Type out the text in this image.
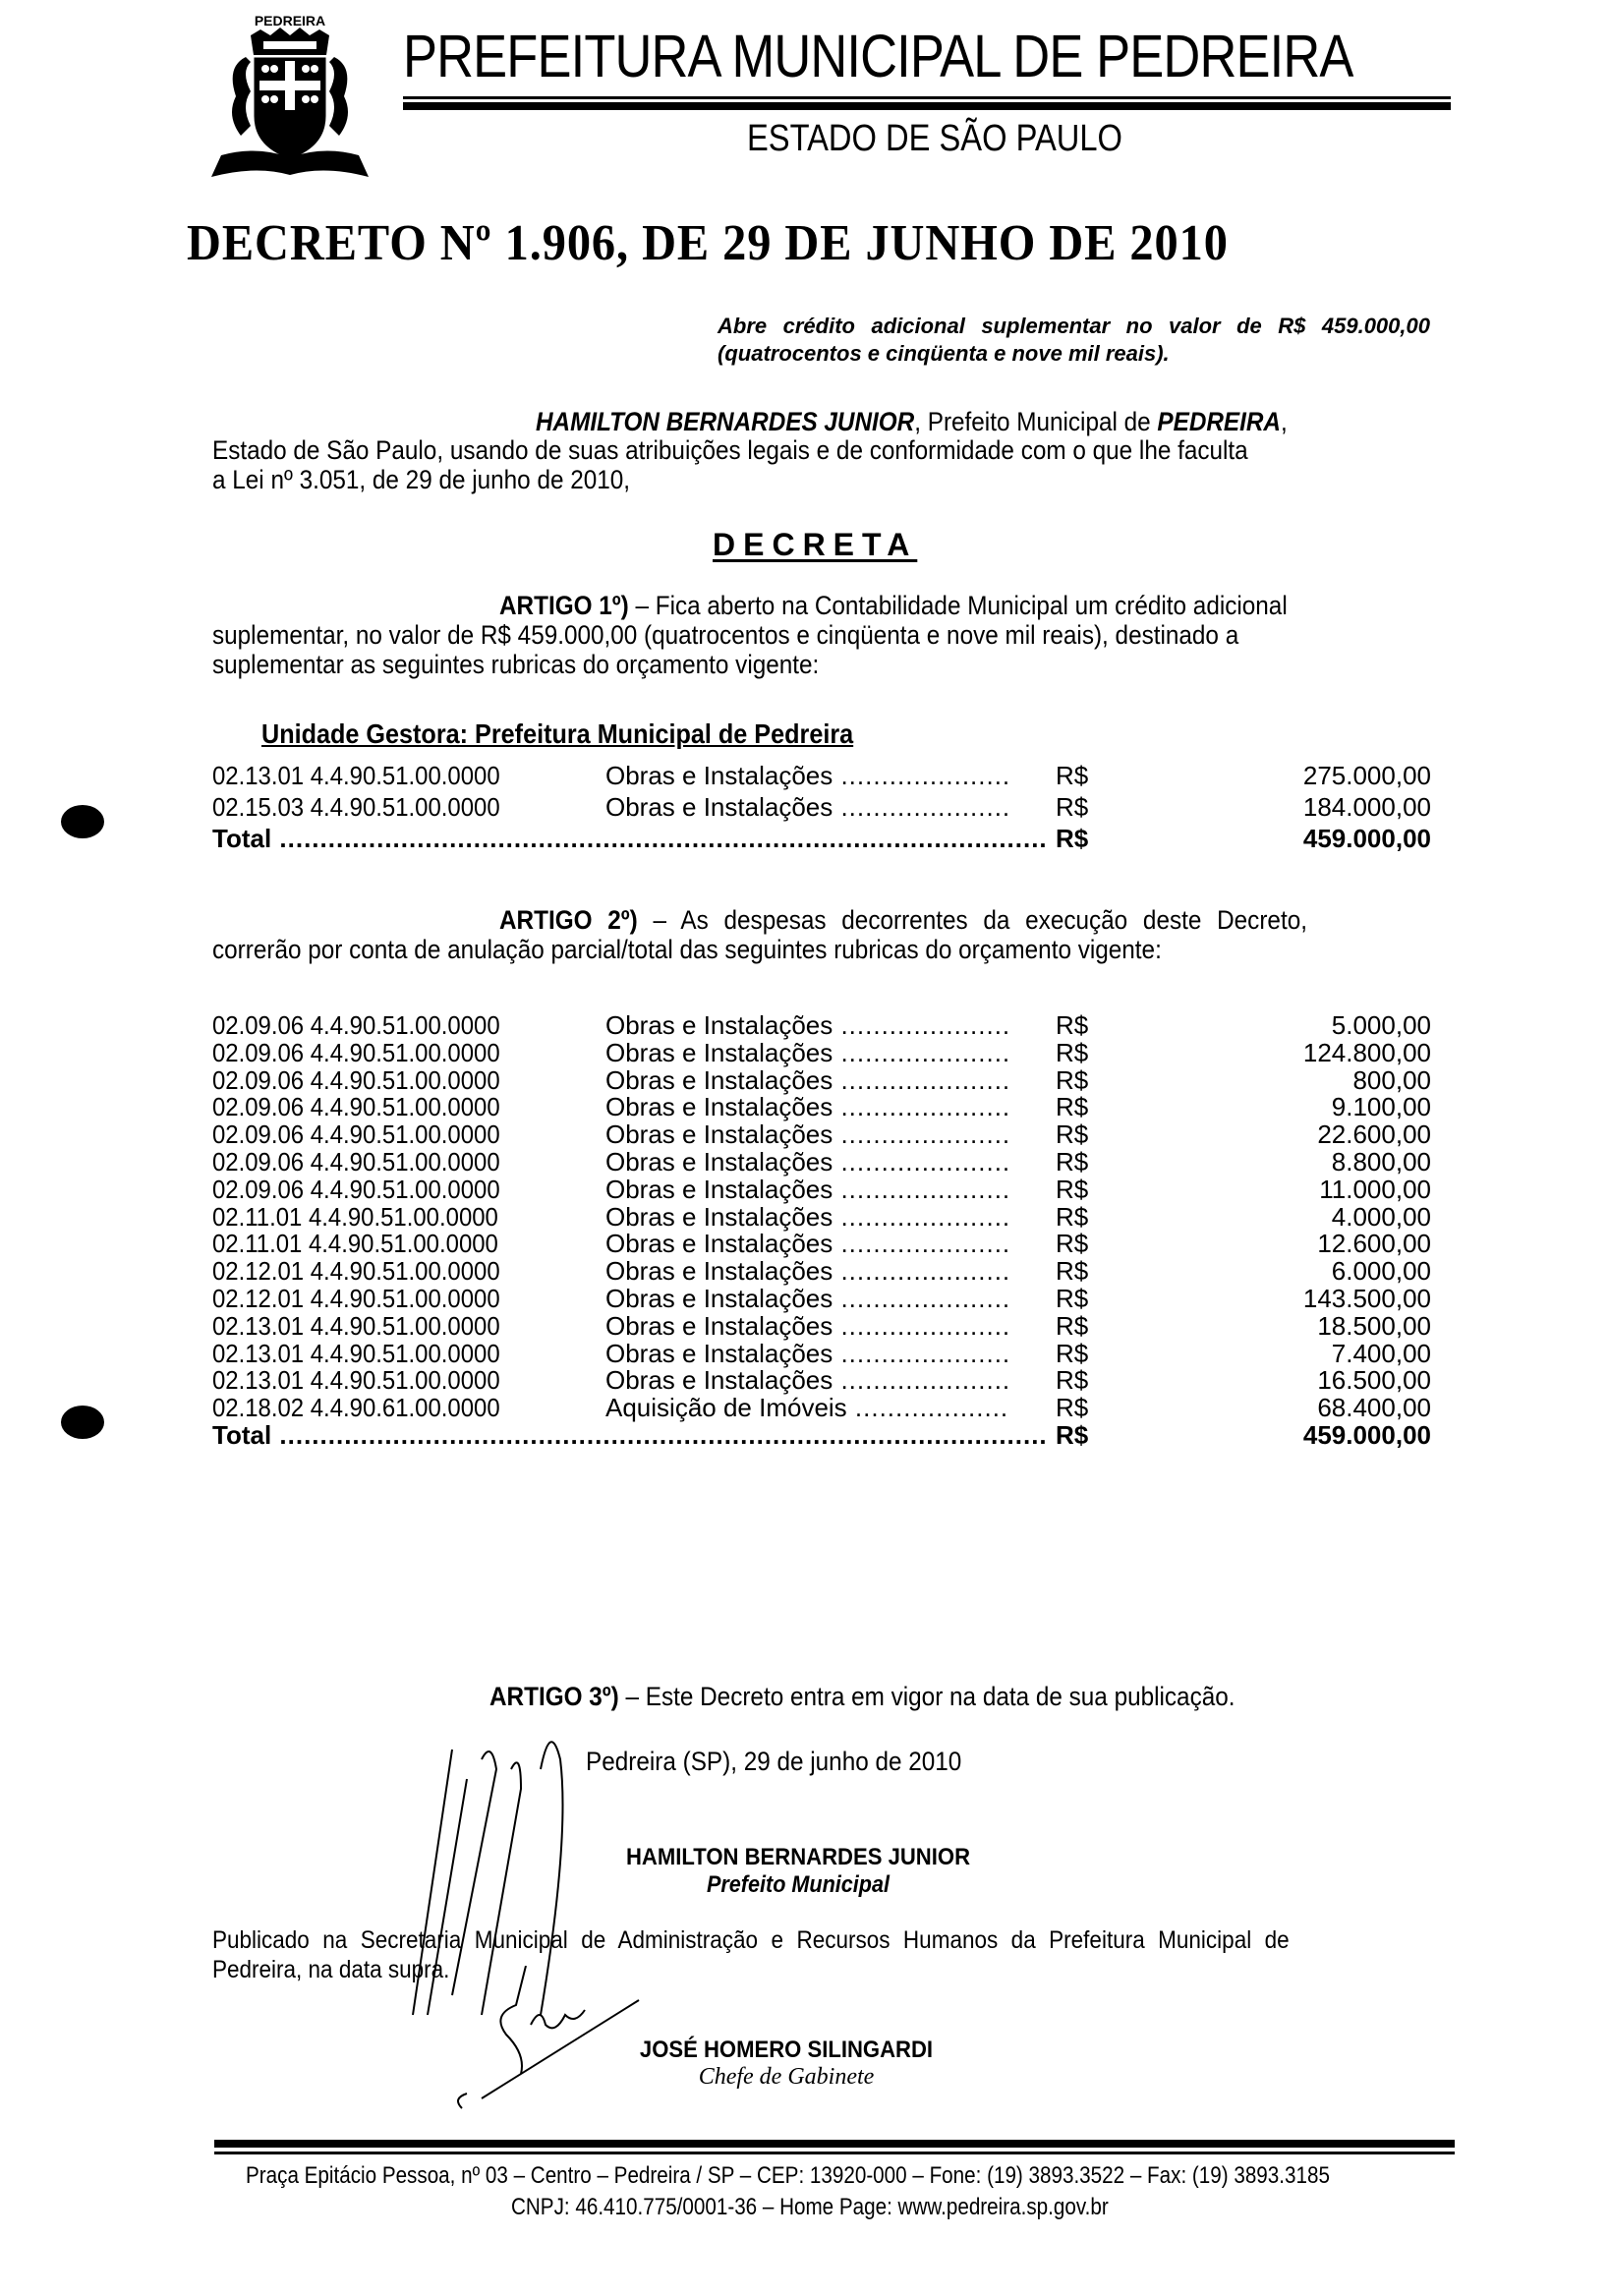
PEDREIRA
PREFEITURA MUNICIPAL DE PEDREIRA
ESTADO DE SÃO PAULO
DECRETO Nº 1.906, DE 29 DE JUNHO DE 2010
Abre crédito adicional suplementar no valor de R$ 459.000,00 (quatrocentos e cinqüenta e nove mil reais).
HAMILTON BERNARDES JUNIOR, Prefeito Municipal de PEDREIRA,
Estado de São Paulo, usando de suas atribuições legais e de conformidade com o que lhe faculta
a Lei nº 3.051, de 29 de junho de 2010,
DECRETA
ARTIGO 1º) – Fica aberto na Contabilidade Municipal um crédito adicional
suplementar, no valor de R$ 459.000,00 (quatrocentos e cinqüenta e nove mil reais), destinado a
suplementar as seguintes rubricas do orçamento vigente:
Unidade Gestora: Prefeitura Municipal de Pedreira
02.13.01 4.4.90.51.00.0000	Obras e Instalações .....	R$	275.000,00
02.15.03 4.4.90.51.00.0000	Obras e Instalações .....	R$	184.000,00
Total .....	R$	459.000,00
ARTIGO 2º) – As despesas decorrentes da execução deste Decreto,
correrão por conta de anulação parcial/total das seguintes rubricas do orçamento vigente:
02.09.06 4.4.90.51.00.0000	Obras e Instalações .....	R$	5.000,00
02.09.06 4.4.90.51.00.0000	Obras e Instalações .....	R$	124.800,00
02.09.06 4.4.90.51.00.0000	Obras e Instalações .....	R$	800,00
02.09.06 4.4.90.51.00.0000	Obras e Instalações .....	R$	9.100,00
02.09.06 4.4.90.51.00.0000	Obras e Instalações .....	R$	22.600,00
02.09.06 4.4.90.51.00.0000	Obras e Instalações .....	R$	8.800,00
02.09.06 4.4.90.51.00.0000	Obras e Instalações .....	R$	11.000,00
02.11.01 4.4.90.51.00.0000	Obras e Instalações .....	R$	4.000,00
02.11.01 4.4.90.51.00.0000	Obras e Instalações .....	R$	12.600,00
02.12.01 4.4.90.51.00.0000	Obras e Instalações .....	R$	6.000,00
02.12.01 4.4.90.51.00.0000	Obras e Instalações .....	R$	143.500,00
02.13.01 4.4.90.51.00.0000	Obras e Instalações .....	R$	18.500,00
02.13.01 4.4.90.51.00.0000	Obras e Instalações .....	R$	7.400,00
02.13.01 4.4.90.51.00.0000	Obras e Instalações .....	R$	16.500,00
02.18.02 4.4.90.61.00.0000	Aquisição de Imóveis .....	R$	68.400,00
Total .....	R$	459.000,00
ARTIGO 3º) – Este Decreto entra em vigor na data de sua publicação.
Pedreira (SP), 29 de junho de 2010
HAMILTON BERNARDES JUNIOR
Prefeito Municipal
Publicado na Secretaria Municipal de Administração e Recursos Humanos da Prefeitura Municipal de
Pedreira, na data supra.
JOSÉ HOMERO SILINGARDI
Chefe de Gabinete
Praça Epitácio Pessoa, nº 03 – Centro – Pedreira / SP – CEP: 13920-000 – Fone: (19) 3893.3522 – Fax: (19) 3893.3185
CNPJ: 46.410.775/0001-36 – Home Page: www.pedreira.sp.gov.br
